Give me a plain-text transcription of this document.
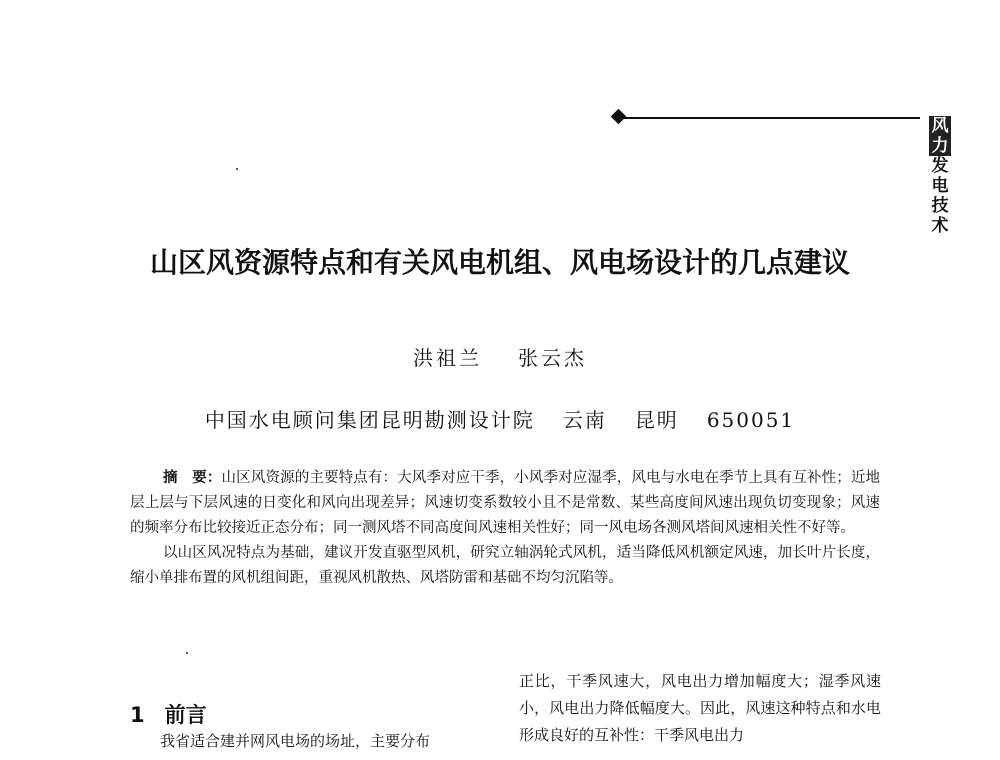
风
力
发
电
技
术
山区风资源特点和有关风电机组、风电场设计的几点建议
洪祖兰 张云杰
中国水电顾问集团昆明勘测设计院 云南 昆明 650051

摘　要：山区风资源的主要特点有：大风季对应干季，小风季对应湿季，风电与水电在季节上具有互补性；近地层上层与下层风速的日变化和风向出现差异；风速切变系数较小且不是常数、某些高度间风速出现负切变现象；风速的频率分布比较接近正态分布；同一测风塔不同高度间风速相关性好；同一风电场各测风塔间风速相关性不好等。

以山区风况特点为基础，建议开发直驱型风机，研究立轴涡轮式风机，适当降低风机额定风速，加长叶片长度，缩小单排布置的风机组间距，重视风机散热、风塔防雷和基础不均匀沉陷等。

1 前言

我省适合建并网风电场的场址，主要分布

正比，干季风速大，风电出力增加幅度大；湿季风速小，风电出力降低幅度大。因此，风速这种特点和水电形成良好的互补性：干季风电出力
